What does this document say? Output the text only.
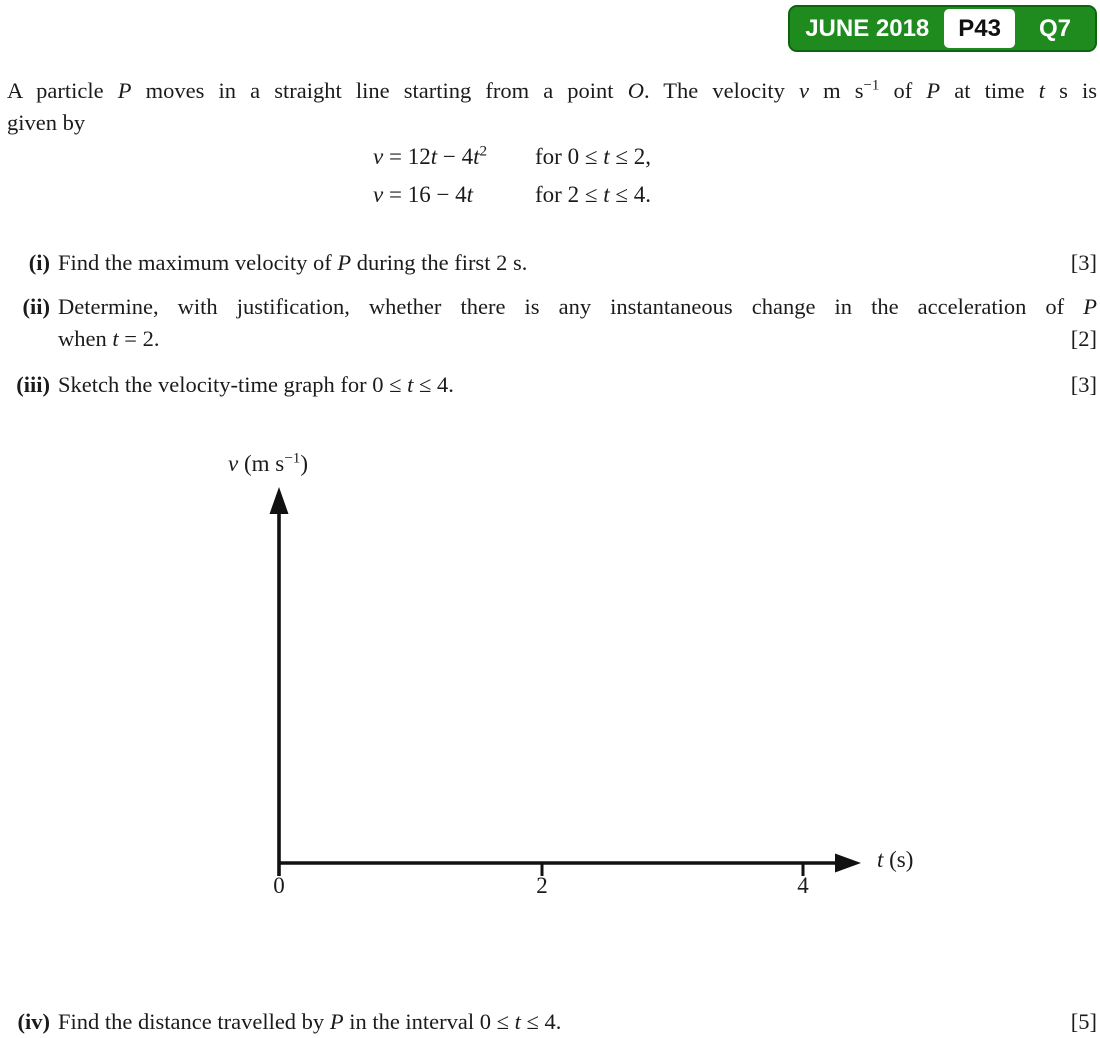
JUNE 2018	P43	Q7
A particle P moves in a straight line starting from a point O. The velocity v m $s^{-1}$ of P at time t s is
given by
$v = 12t - 4t^2$	for 0 ≤ t ≤ 2,
v = 16 − 4t	for 2 ≤ t ≤ 4.
(i) Find the maximum velocity of P during the first 2 s.	[3]
(ii) Determine, with justification, whether there is any instantaneous change in the acceleration of P
when t = 2.	[2]
(iii) Sketch the velocity-time graph for 0 ≤ t ≤ 4.	[3]
v (m $s^{-1}$)
t (s)
0	2	4
(iv) Find the distance travelled by P in the interval 0 ≤ t ≤ 4.	[5]
